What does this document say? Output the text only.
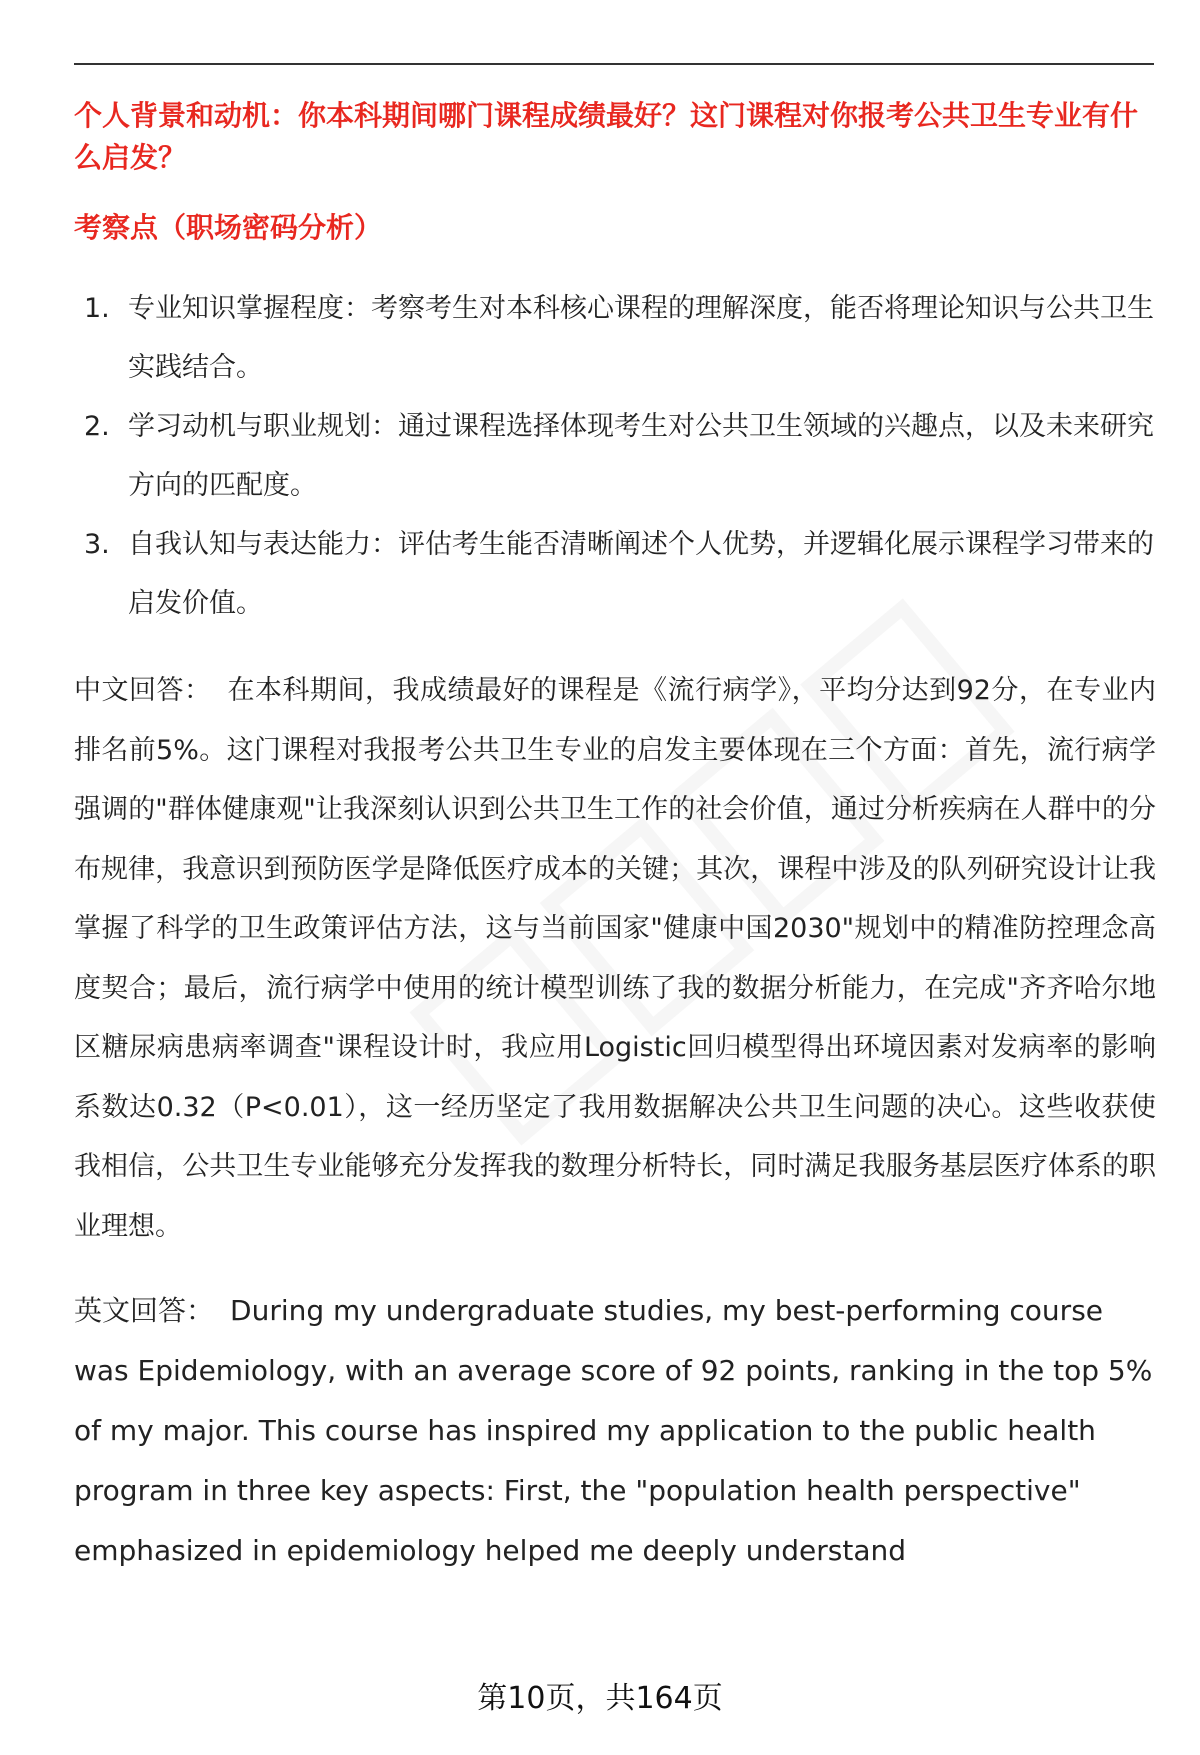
个人背景和动机：你本科期间哪门课程成绩最好？这门课程对你报考公共卫生专业有什么启发？

考察点（职场密码分析）

1. 专业知识掌握程度：考察考生对本科核心课程的理解深度，能否将理论知识与公共卫生实践结合。
2. 学习动机与职业规划：通过课程选择体现考生对公共卫生领域的兴趣点，以及未来研究方向的匹配度。
3. 自我认知与表达能力：评估考生能否清晰阐述个人优势，并逻辑化展示课程学习带来的启发价值。

中文回答： 在本科期间，我成绩最好的课程是《流行病学》，平均分达到92分，在专业内排名前5%。这门课程对我报考公共卫生专业的启发主要体现在三个方面：首先，流行病学强调的"群体健康观"让我深刻认识到公共卫生工作的社会价值，通过分析疾病在人群中的分布规律，我意识到预防医学是降低医疗成本的关键；其次，课程中涉及的队列研究设计让我掌握了科学的卫生政策评估方法，这与当前国家"健康中国2030"规划中的精准防控理念高度契合；最后，流行病学中使用的统计模型训练了我的数据分析能力，在完成"齐齐哈尔地区糖尿病患病率调查"课程设计时，我应用Logistic回归模型得出环境因素对发病率的影响系数达0.32（P<0.01），这一经历坚定了我用数据解决公共卫生问题的决心。这些收获使我相信，公共卫生专业能够充分发挥我的数理分析特长，同时满足我服务基层医疗体系的职业理想。

英文回答： During my undergraduate studies, my best-performing course was Epidemiology, with an average score of 92 points, ranking in the top 5% of my major. This course has inspired my application to the public health program in three key aspects: First, the "population health perspective" emphasized in epidemiology helped me deeply understand

第10页，共164页
